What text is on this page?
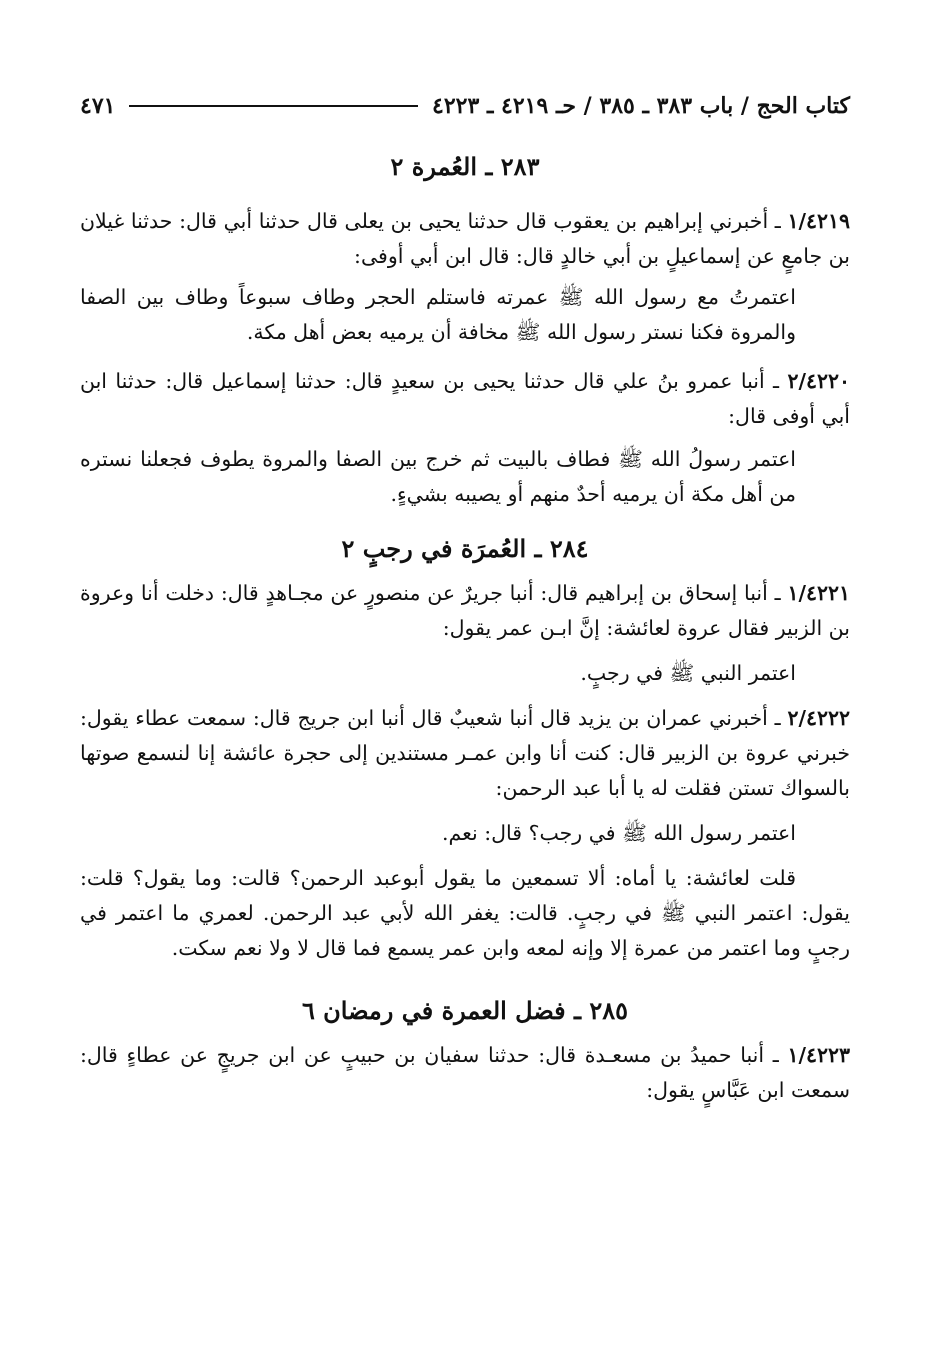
كتاب الحج / باب ٣٨٣ ـ ٣٨٥ / حـ ٤٢١٩ ـ ٤٢٢٣
٤٧١
٢٨٣ ـ العُمرة ٢

١/٤٢١٩ ـ أخبرني إبراهيم بن يعقوب قال حدثنا يحيى بن يعلى قال حدثنا أبي قال: حدثنا غيلان بن جامعٍ عن إسماعيلٍ بن أبي خالدٍ قال: قال ابن أبي أوفى:

اعتمرتُ مع رسول الله ﷺ عمرته فاستلم الحجر وطاف سبوعاً وطاف بين الصفا والمروة فكنا نستر رسول الله ﷺ مخافة أن يرميه بعض أهل مكة.

٢/٤٢٢٠ ـ أنبا عمرو بنُ علي قال حدثنا يحيى بن سعيدٍ قال: حدثنا إسماعيل قال: حدثنا ابن أبي أوفى قال:

اعتمر رسولُ الله ﷺ فطاف بالبيت ثم خرج بين الصفا والمروة يطوف فجعلنا نستره من أهل مكة أن يرميه أحدٌ منهم أو يصيبه بشيءٍ.

٢٨٤ ـ العُمرَة في رجبٍ ٢

١/٤٢٢١ ـ أنبا إسحاق بن إبراهيم قال: أنبا جريرٌ عن منصورٍ عن مجـاهدٍ قال: دخلت أنا وعروة بن الزبير فقال عروة لعائشة: إنَّ ابـن عمر يقول:

اعتمر النبي ﷺ في رجبٍ.

٢/٤٢٢٢ ـ أخبرني عمران بن يزيد قال أنبا شعيبٌ قال أنبا ابن جريج قال: سمعت عطاء يقول: خبرني عروة بن الزبير قال: كنت أنا وابن عمـر مستندين إلى حجرة عائشة إنا لنسمع صوتها بالسواك تستن فقلت له يا أبا عبد الرحمن:

اعتمر رسول الله ﷺ في رجب؟ قال: نعم.

قلت لعائشة: يا أماه: ألا تسمعين ما يقول أبوعبد الرحمن؟ قالت: وما يقول؟ قلت: يقول: اعتمر النبي ﷺ في رجبٍ. قالت: يغفر الله لأبي عبد الرحمن. لعمري ما اعتمر في رجبٍ وما اعتمر من عمرة إلا وإنه لمعه وابن عمر يسمع فما قال لا ولا نعم سكت.

٢٨٥ ـ فضل العمرة في رمضان ٦

١/٤٢٢٣ ـ أنبا حميدُ بن مسعـدة قال: حدثنا سفيان بن حبيبٍ عن ابن جريجٍ عن عطاءٍ قال: سمعت ابن عَبَّاسٍ يقول:
